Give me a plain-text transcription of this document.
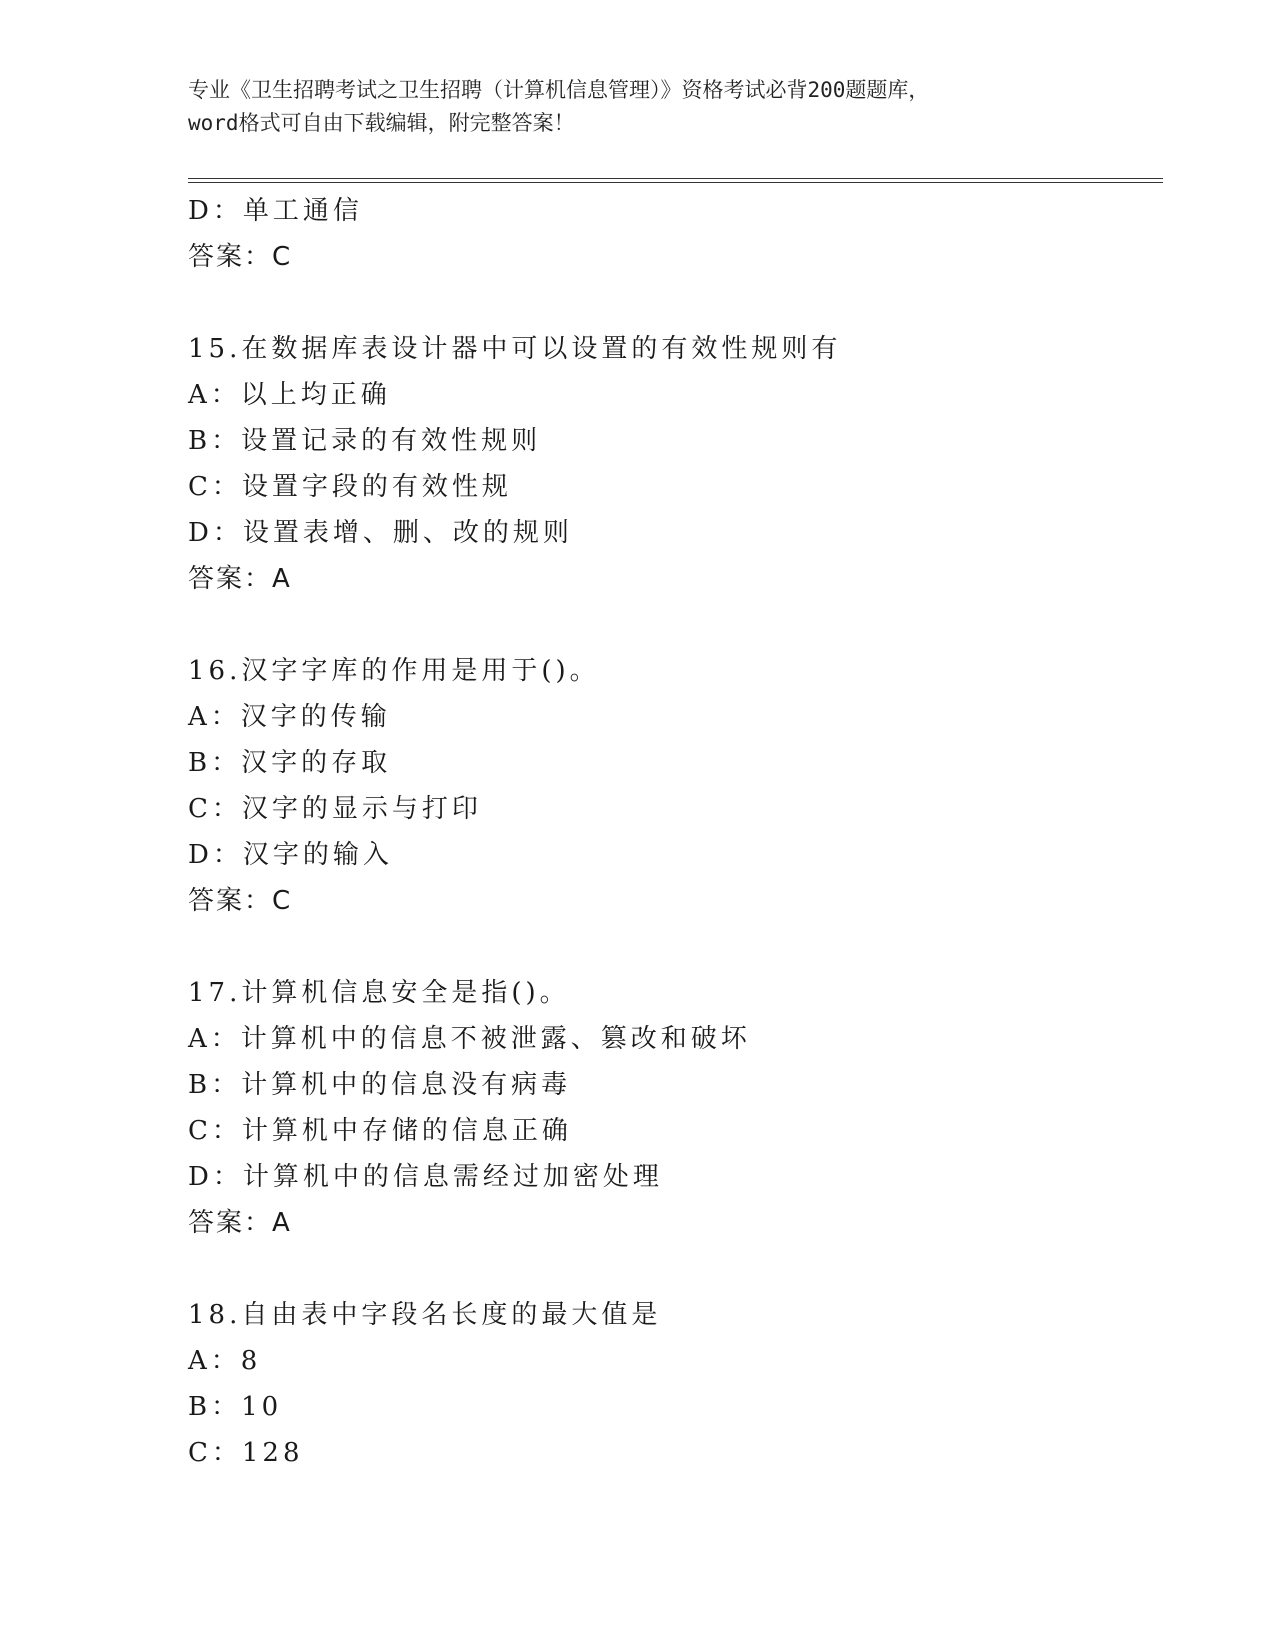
专业《卫生招聘考试之卫生招聘（计算机信息管理）》资格考试必背200题题库，
word格式可自由下载编辑，附完整答案！
D：单工通信
答案：C
15.在数据库表设计器中可以设置的有效性规则有
A：以上均正确
B：设置记录的有效性规则
C：设置字段的有效性规
D：设置表增、删、改的规则
答案：A
16.汉字字库的作用是用于()。
A：汉字的传输
B：汉字的存取
C：汉字的显示与打印
D：汉字的输入
答案：C
17.计算机信息安全是指()。
A：计算机中的信息不被泄露、篡改和破坏
B：计算机中的信息没有病毒
C：计算机中存储的信息正确
D：计算机中的信息需经过加密处理
答案：A
18.自由表中字段名长度的最大值是
A：8
B：10
C：128
